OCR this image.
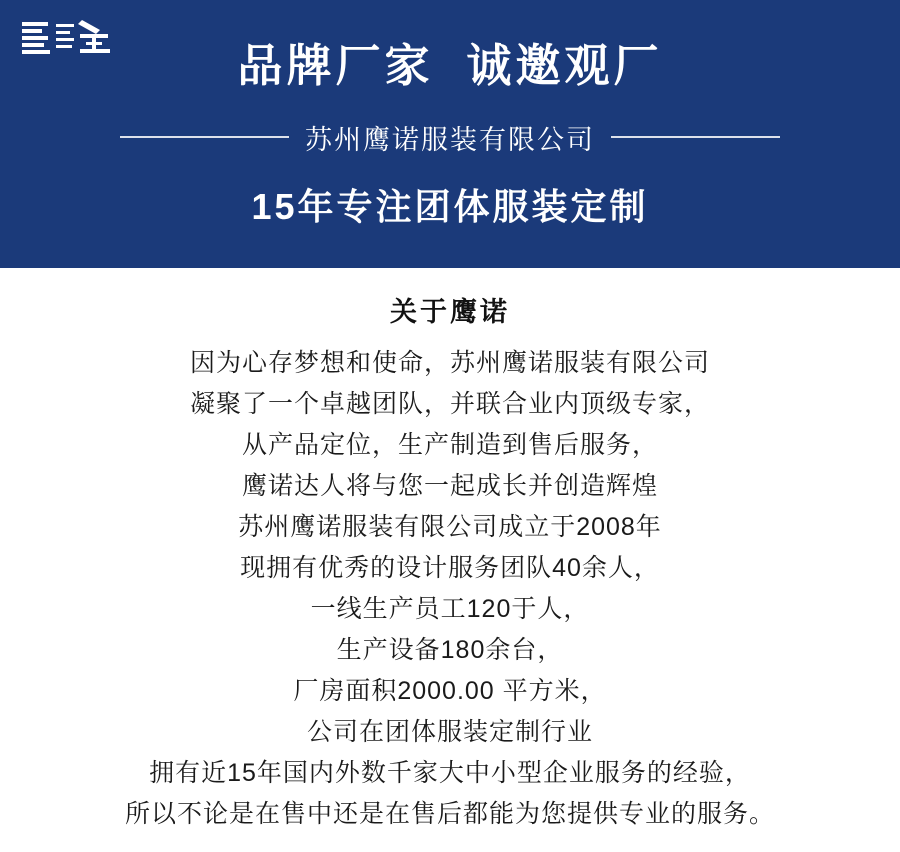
品牌厂家  诚邀观厂
苏州鹰诺服装有限公司
15年专注团体服装定制
关于鹰诺
因为心存梦想和使命，苏州鹰诺服装有限公司
凝聚了一个卓越团队，并联合业内顶级专家，
从产品定位，生产制造到售后服务，
鹰诺达人将与您一起成长并创造辉煌
苏州鹰诺服装有限公司成立于2008年
现拥有优秀的设计服务团队40余人，
一线生产员工120于人，
生产设备180余台，
厂房面积2000.00 平方米，
公司在团体服装定制行业
拥有近15年国内外数千家大中小型企业服务的经验，
所以不论是在售中还是在售后都能为您提供专业的服务。
